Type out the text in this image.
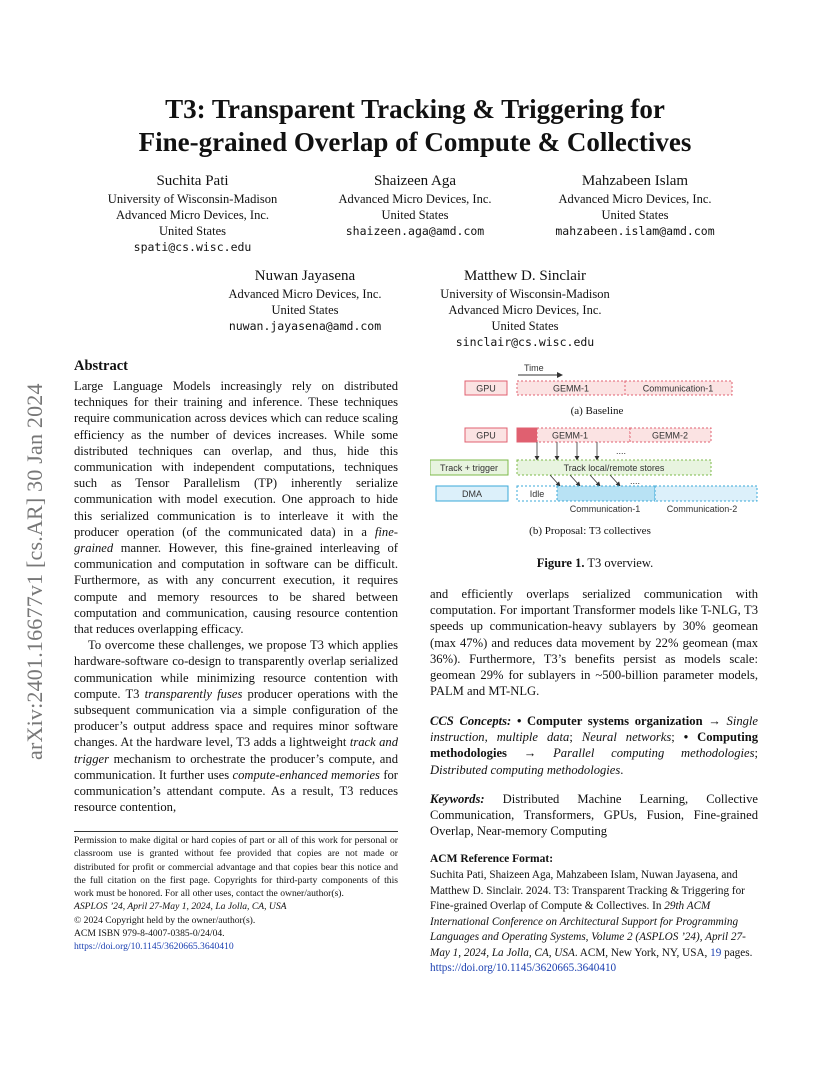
arXiv:2401.16677v1 [cs.AR] 30 Jan 2024
T3: Transparent Tracking & Triggering for
Fine-grained Overlap of Compute & Collectives
Suchita Pati
University of Wisconsin-Madison
Advanced Micro Devices, Inc.
United States
spati@cs.wisc.edu
Shaizeen Aga
Advanced Micro Devices, Inc.
United States
shaizeen.aga@amd.com
Mahzabeen Islam
Advanced Micro Devices, Inc.
United States
mahzabeen.islam@amd.com
Nuwan Jayasena
Advanced Micro Devices, Inc.
United States
nuwan.jayasena@amd.com
Matthew D. Sinclair
University of Wisconsin-Madison
Advanced Micro Devices, Inc.
United States
sinclair@cs.wisc.edu
Abstract

Large Language Models increasingly rely on distributed techniques for their training and inference. These techniques require communication across devices which can reduce scaling efficiency as the number of devices increases. While some distributed techniques can overlap, and thus, hide this communication with independent computations, techniques such as Tensor Parallelism (TP) inherently serialize communication with model execution. One approach to hide this serialized communication is to interleave it with the producer operation (of the communicated data) in a fine-grained manner. However, this fine-grained interleaving of communication and computation in software can be difficult. Furthermore, as with any concurrent execution, it requires compute and memory resources to be shared between computation and communication, causing resource contention that reduces overlapping efficacy.

To overcome these challenges, we propose T3 which applies hardware-software co-design to transparently overlap serialized communication while minimizing resource contention with compute. T3 transparently fuses producer operations with the subsequent communication via a simple configuration of the producer’s output address space and requires minor software changes. At the hardware level, T3 adds a lightweight track and trigger mechanism to orchestrate the producer’s compute, and communication. It further uses compute-enhanced memories for communication’s attendant compute. As a result, T3 reduces resource contention,

Permission to make digital or hard copies of part or all of this work for personal or classroom use is granted without fee provided that copies are not made or distributed for profit or commercial advantage and that copies bear this notice and the full citation on the first page. Copyrights for third-party components of this work must be honored. For all other uses, contact the owner/author(s).

ASPLOS ’24, April 27-May 1, 2024, La Jolla, CA, USA

© 2024 Copyright held by the owner/author(s).

ACM ISBN 979-8-4007-0385-0/24/04.

https://doi.org/10.1145/3620665.3640410

Time
GPU	GEMM-1	Communication-1
(a) Baseline
GPU	GEMM-1	GEMM-2
....
Track + trigger	Track local/remote stores
....
DMA	Idle
Communication-1	Communication-2
(b) Proposal: T3 collectives
Figure 1. T3 overview.

and efficiently overlaps serialized communication with computation. For important Transformer models like T-NLG, T3 speeds up communication-heavy sublayers by 30% geomean (max 47%) and reduces data movement by 22% geomean (max 36%). Furthermore, T3’s benefits persist as models scale: geomean 29% for sublayers in ~500-billion parameter models, PALM and MT-NLG.

CCS Concepts: • Computer systems organization → Single instruction, multiple data; Neural networks; • Computing methodologies → Parallel computing methodologies; Distributed computing methodologies.
Keywords: Distributed Machine Learning, Collective Communication, Transformers, GPUs, Fusion, Fine-grained Overlap, Near-memory Computing
ACM Reference Format:
Suchita Pati, Shaizeen Aga, Mahzabeen Islam, Nuwan Jayasena, and Matthew D. Sinclair. 2024. T3: Transparent Tracking & Triggering for Fine-grained Overlap of Compute & Collectives. In 29th ACM International Conference on Architectural Support for Programming Languages and Operating Systems, Volume 2 (ASPLOS ’24), April 27-May 1, 2024, La Jolla, CA, USA. ACM, New York, NY, USA, 19 pages.
https://doi.org/10.1145/3620665.3640410
